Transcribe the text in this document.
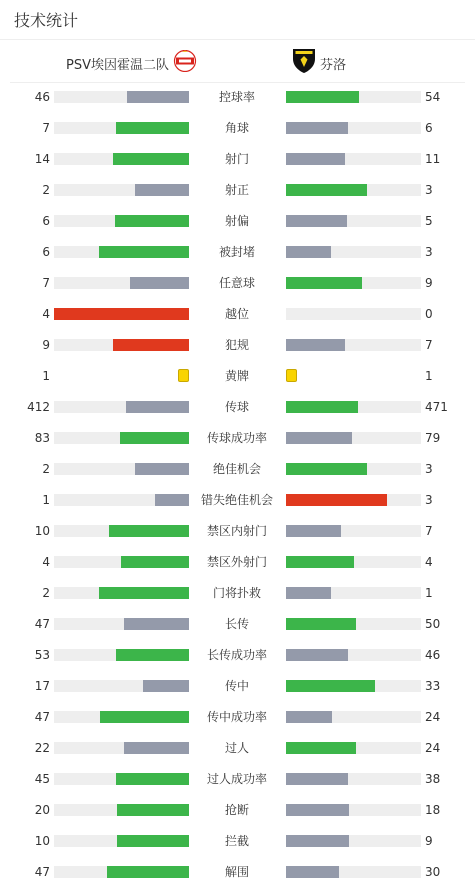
技术统计
PSV埃因霍温二队	芬洛
46	控球率	54
7	角球	6
14	射门	11
2	射正	3
6	射偏	5
6	被封堵	3
7	任意球	9
4	越位	0
9	犯规	7
1	黄牌	1
412	传球	471
83	传球成功率	79
2	绝佳机会	3
1	错失绝佳机会	3
10	禁区内射门	7
4	禁区外射门	4
2	门将扑救	1
47	长传	50
53	长传成功率	46
17	传中	33
47	传中成功率	24
22	过人	24
45	过人成功率	38
20	抢断	18
10	拦截	9
47	解围	30
